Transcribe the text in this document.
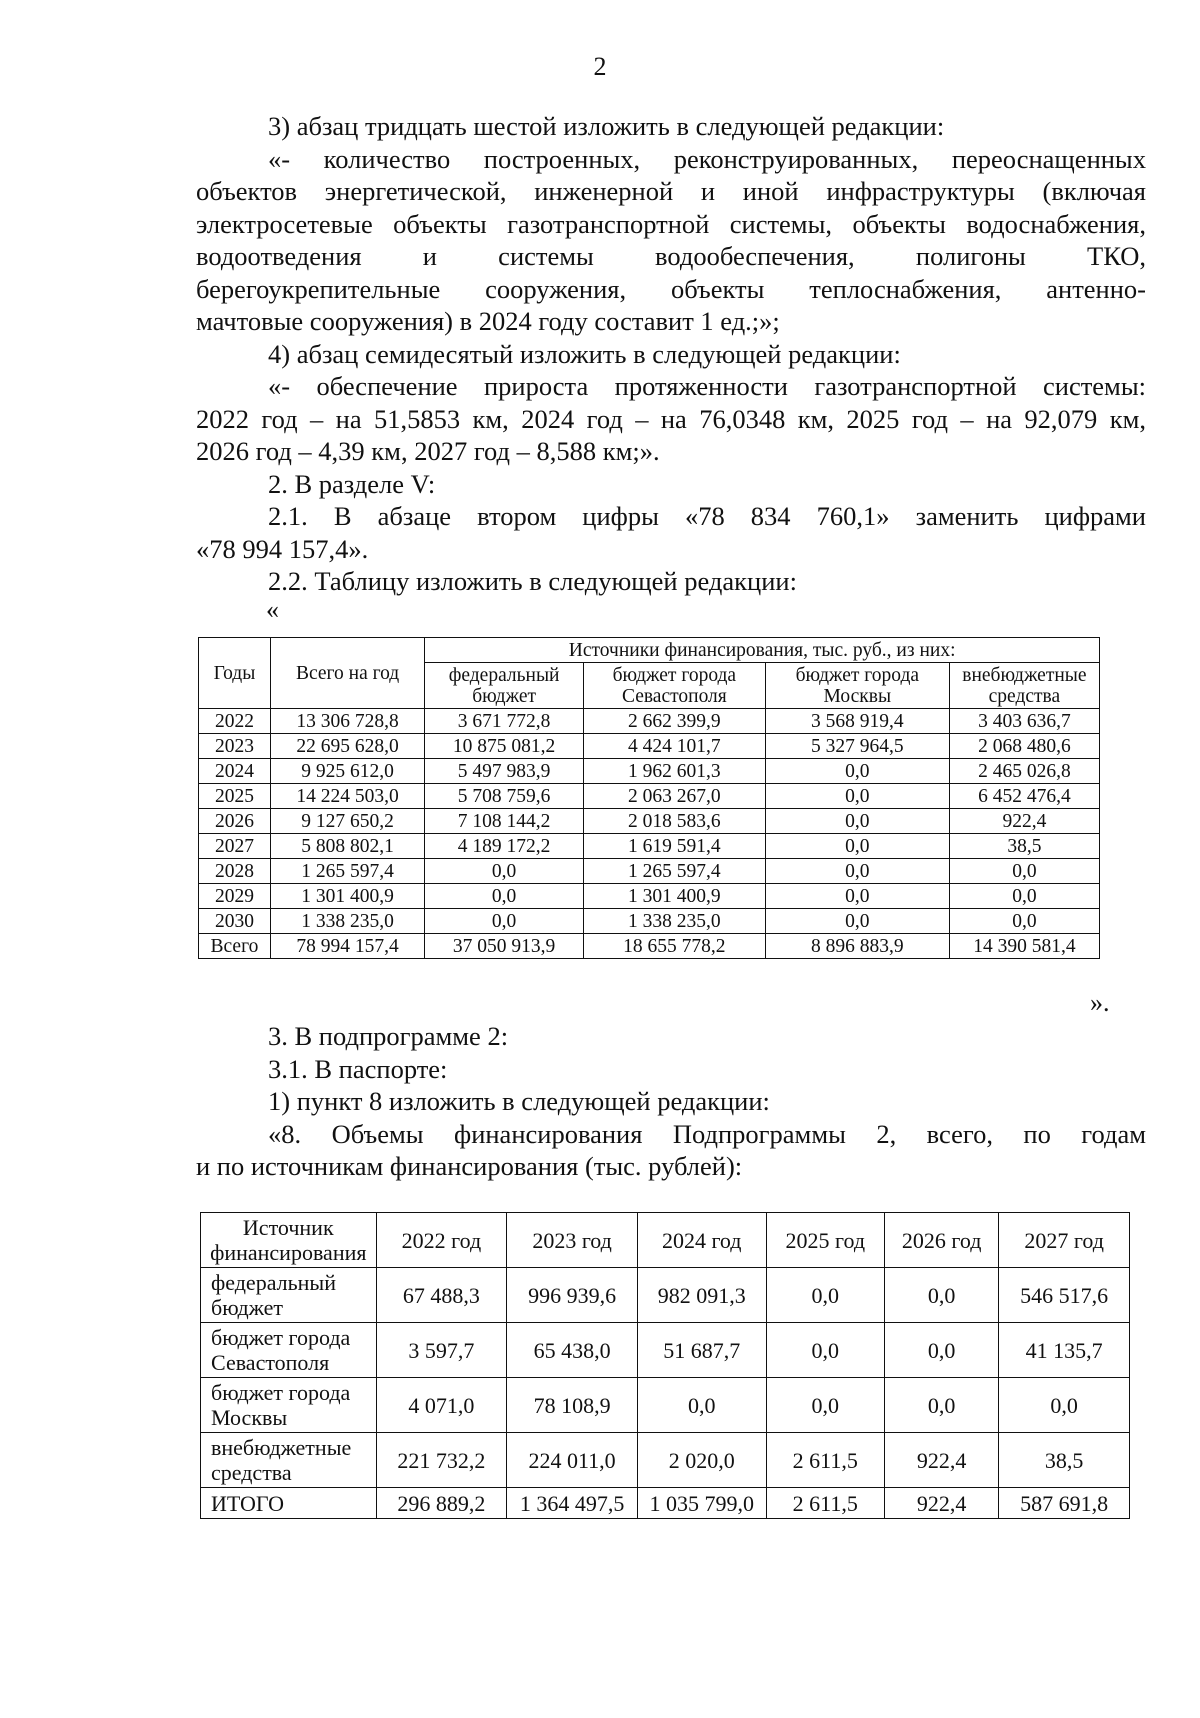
2

3) абзац тридцать шестой изложить в следующей редакции:

«- количество построенных, реконструированных, переоснащенных

объектов энергетической, инженерной и иной инфраструктуры (включая

электросетевые объекты газотранспортной системы, объекты водоснабжения,

водоотведения и системы водообеспечения, полигоны ТКО,

берегоукрепительные сооружения, объекты теплоснабжения, антенно-

мачтовые сооружения) в 2024 году составит 1 ед.;»;

4) абзац семидесятый изложить в следующей редакции:

«- обеспечение прироста протяженности газотранспортной системы:

2022 год – на 51,5853 км, 2024 год – на 76,0348 км, 2025 год – на 92,079 км,

2026 год – 4,39 км, 2027 год – 8,588 км;».

2. В разделе V:

2.1. В абзаце втором цифры «78 834 760,1» заменить цифрами

«78 994 157,4».

2.2. Таблицу изложить в следующей редакции:

«

Годы	Всего на год	Источники финансирования, тыс. руб., из них:			
		федеральный бюджет	бюджет города Севастополя	бюджет города Москвы	внебюджетные средства
2022	13 306 728,8	3 671 772,8	2 662 399,9	3 568 919,4	3 403 636,7
2023	22 695 628,0	10 875 081,2	4 424 101,7	5 327 964,5	2 068 480,6
2024	9 925 612,0	5 497 983,9	1 962 601,3	0,0	2 465 026,8
2025	14 224 503,0	5 708 759,6	2 063 267,0	0,0	6 452 476,4
2026	9 127 650,2	7 108 144,2	2 018 583,6	0,0	922,4
2027	5 808 802,1	4 189 172,2	1 619 591,4	0,0	38,5
2028	1 265 597,4	0,0	1 265 597,4	0,0	0,0
2029	1 301 400,9	0,0	1 301 400,9	0,0	0,0
2030	1 338 235,0	0,0	1 338 235,0	0,0	0,0
Всего	78 994 157,4	37 050 913,9	18 655 778,2	8 896 883,9	14 390 581,4
».

3. В подпрограмме 2:

3.1. В паспорте:

1) пункт 8 изложить в следующей редакции:

«8. Объемы финансирования Подпрограммы 2, всего, по годам

и по источникам финансирования (тыс. рублей):

Источник финансирования	2022 год	2023 год	2024 год	2025 год	2026 год	2027 год
федеральный бюджет	67 488,3	996 939,6	982 091,3	0,0	0,0	546 517,6
бюджет города Севастополя	3 597,7	65 438,0	51 687,7	0,0	0,0	41 135,7
бюджет города Москвы	4 071,0	78 108,9	0,0	0,0	0,0	0,0
внебюджетные средства	221 732,2	224 011,0	2 020,0	2 611,5	922,4	38,5
ИТОГО	296 889,2	1 364 497,5	1 035 799,0	2 611,5	922,4	587 691,8
